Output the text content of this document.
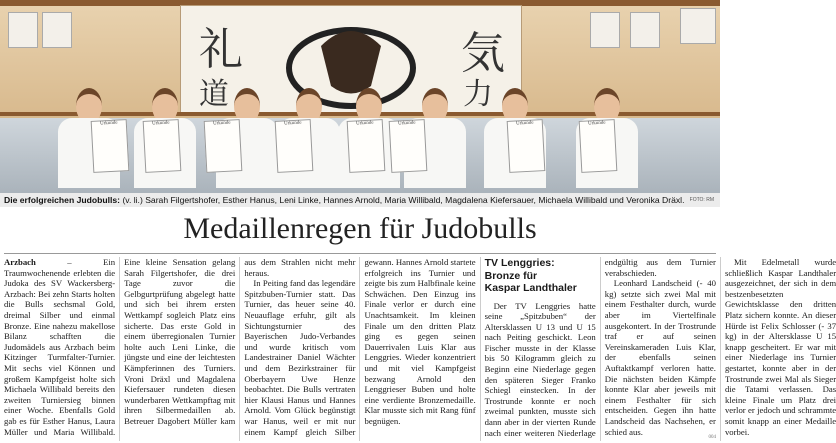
礼
道
気
力
Urkunde	Urkunde	Urkunde	Urkunde	Urkunde	Urkunde	Urkunde	Urkunde
Die erfolgreichen Judobulls: (v. li.) Sarah Filgertshofer, Esther Hanus, Leni Linke, Hannes Arnold, Maria Willibald, Magdalena Kiefersauer, Michaela Willibald und Veronika Dräxl. FOTO: RM
Medaillenregen für Judobulls

Arzbach – Ein Traumwochenende erlebten die Judoka des SV Wackersberg-Arzbach: Bei zehn Starts holten die Bulls sechsmal Gold, dreimal Silber und einmal Bronze. Eine nahezu makellose Bilanz schafften die Judomädels aus Arzbach beim Kitzinger Turmfalter-Turnier. Mit sechs viel Können und großem Kampfgeist holte sich Michaela Willibald bereits den zweiten Turniersieg binnen einer Woche. Ebenfalls Gold gab es für Esther Hanus, Laura Müller und Maria Willibald. Eine kleine Sensation gelang Sarah Filgertshofer, die drei Tage zuvor die Gelbgurtprüfung abgelegt hatte und sich bei ihrem ersten Wettkampf sogleich Platz eins sicherte. Das erste Gold in einem überregionalen Turnier holte auch Leni Linke, die jüngste und eine der leichtesten Kämpferinnen des Turniers. Vroni Dräxl und Magdalena Kiefersauer rundeten diesen wunderbaren Wettkampftag mit ihren Silbermedaillen ab. Betreuer Dagobert Müller kam aus dem Strahlen nicht mehr heraus.

In Peiting fand das legendäre Spitzbuben-Turnier statt. Das Turnier, das heuer seine 40. Neuauflage erfuhr, gilt als Sichtungsturnier des Bayerischen Judo-Verbandes und wurde kritisch vom Landestrainer Daniel Wächter und dem Bezirkstrainer für Oberbayern Uwe Henze beobachtet. Die Bulls vertraten hier Klausi Hanus und Hannes Arnold. Vom Glück begünstigt war Hanus, weil er mit nur einem Kampf gleich Silber gewann. Hannes Arnold startete erfolgreich ins Turnier und zeigte bis zum Halbfinale keine Schwächen. Den Einzug ins Finale verlor er durch eine Unachtsamkeit. Im kleinen Finale um den dritten Platz ging es gegen seinen Dauerrivalen Luis Klar aus Lenggries. Wieder konzentriert und mit viel Kampfgeist bezwang Arnold den Lenggrieser Buben und holte eine verdiente Bronzemedaille. Klar musste sich mit Rang fünf begnügen.

TV Lenggries:
Bronze für
Kaspar Landthaler

Der TV Lenggries hatte seine „Spitzbuben“ der Altersklassen U 13 und U 15 nach Peiting geschickt. Leon Fischer musste in der Klasse bis 50 Kilogramm gleich zu Beginn eine Niederlage gegen den späteren Sieger Franko Schiegl einstecken. In der Trostrunde konnte er noch zweimal punkten, musste sich dann aber in der vierten Runde nach einer weiteren Niederlage endgültig aus dem Turnier verabschieden.

Leonhard Landscheid (- 40 kg) setzte sich zwei Mal mit einem Festhalter durch, wurde aber im Viertelfinale ausgekontert. In der Trostrunde traf er auf seinen Vereinskameraden Luis Klar, der ebenfalls seinen Auftaktkampf verloren hatte. Die nächsten beiden Kämpfe konnte Klar aber jeweils mit einem Festhalter für sich entscheiden. Gegen ihn hatte Landscheid das Nachsehen, er schied aus.

Mit Edelmetall wurde schließlich Kaspar Landthaler ausgezeichnet, der sich in dem bestzenbesetzten Gewichtsklasse den dritten Platz sichern konnte. An dieser Hürde ist Felix Schlosser (- 37 kg) in der Altersklasse U 15 knapp gescheitert. Er war mit einer Niederlage ins Turnier gestartet, konnte aber in der Trostrunde zwei Mal als Sieger die Tatami verlassen. Das kleine Finale um Platz drei verlor er jedoch und schrammte somit knapp an einer Medaille vorbei.

004
